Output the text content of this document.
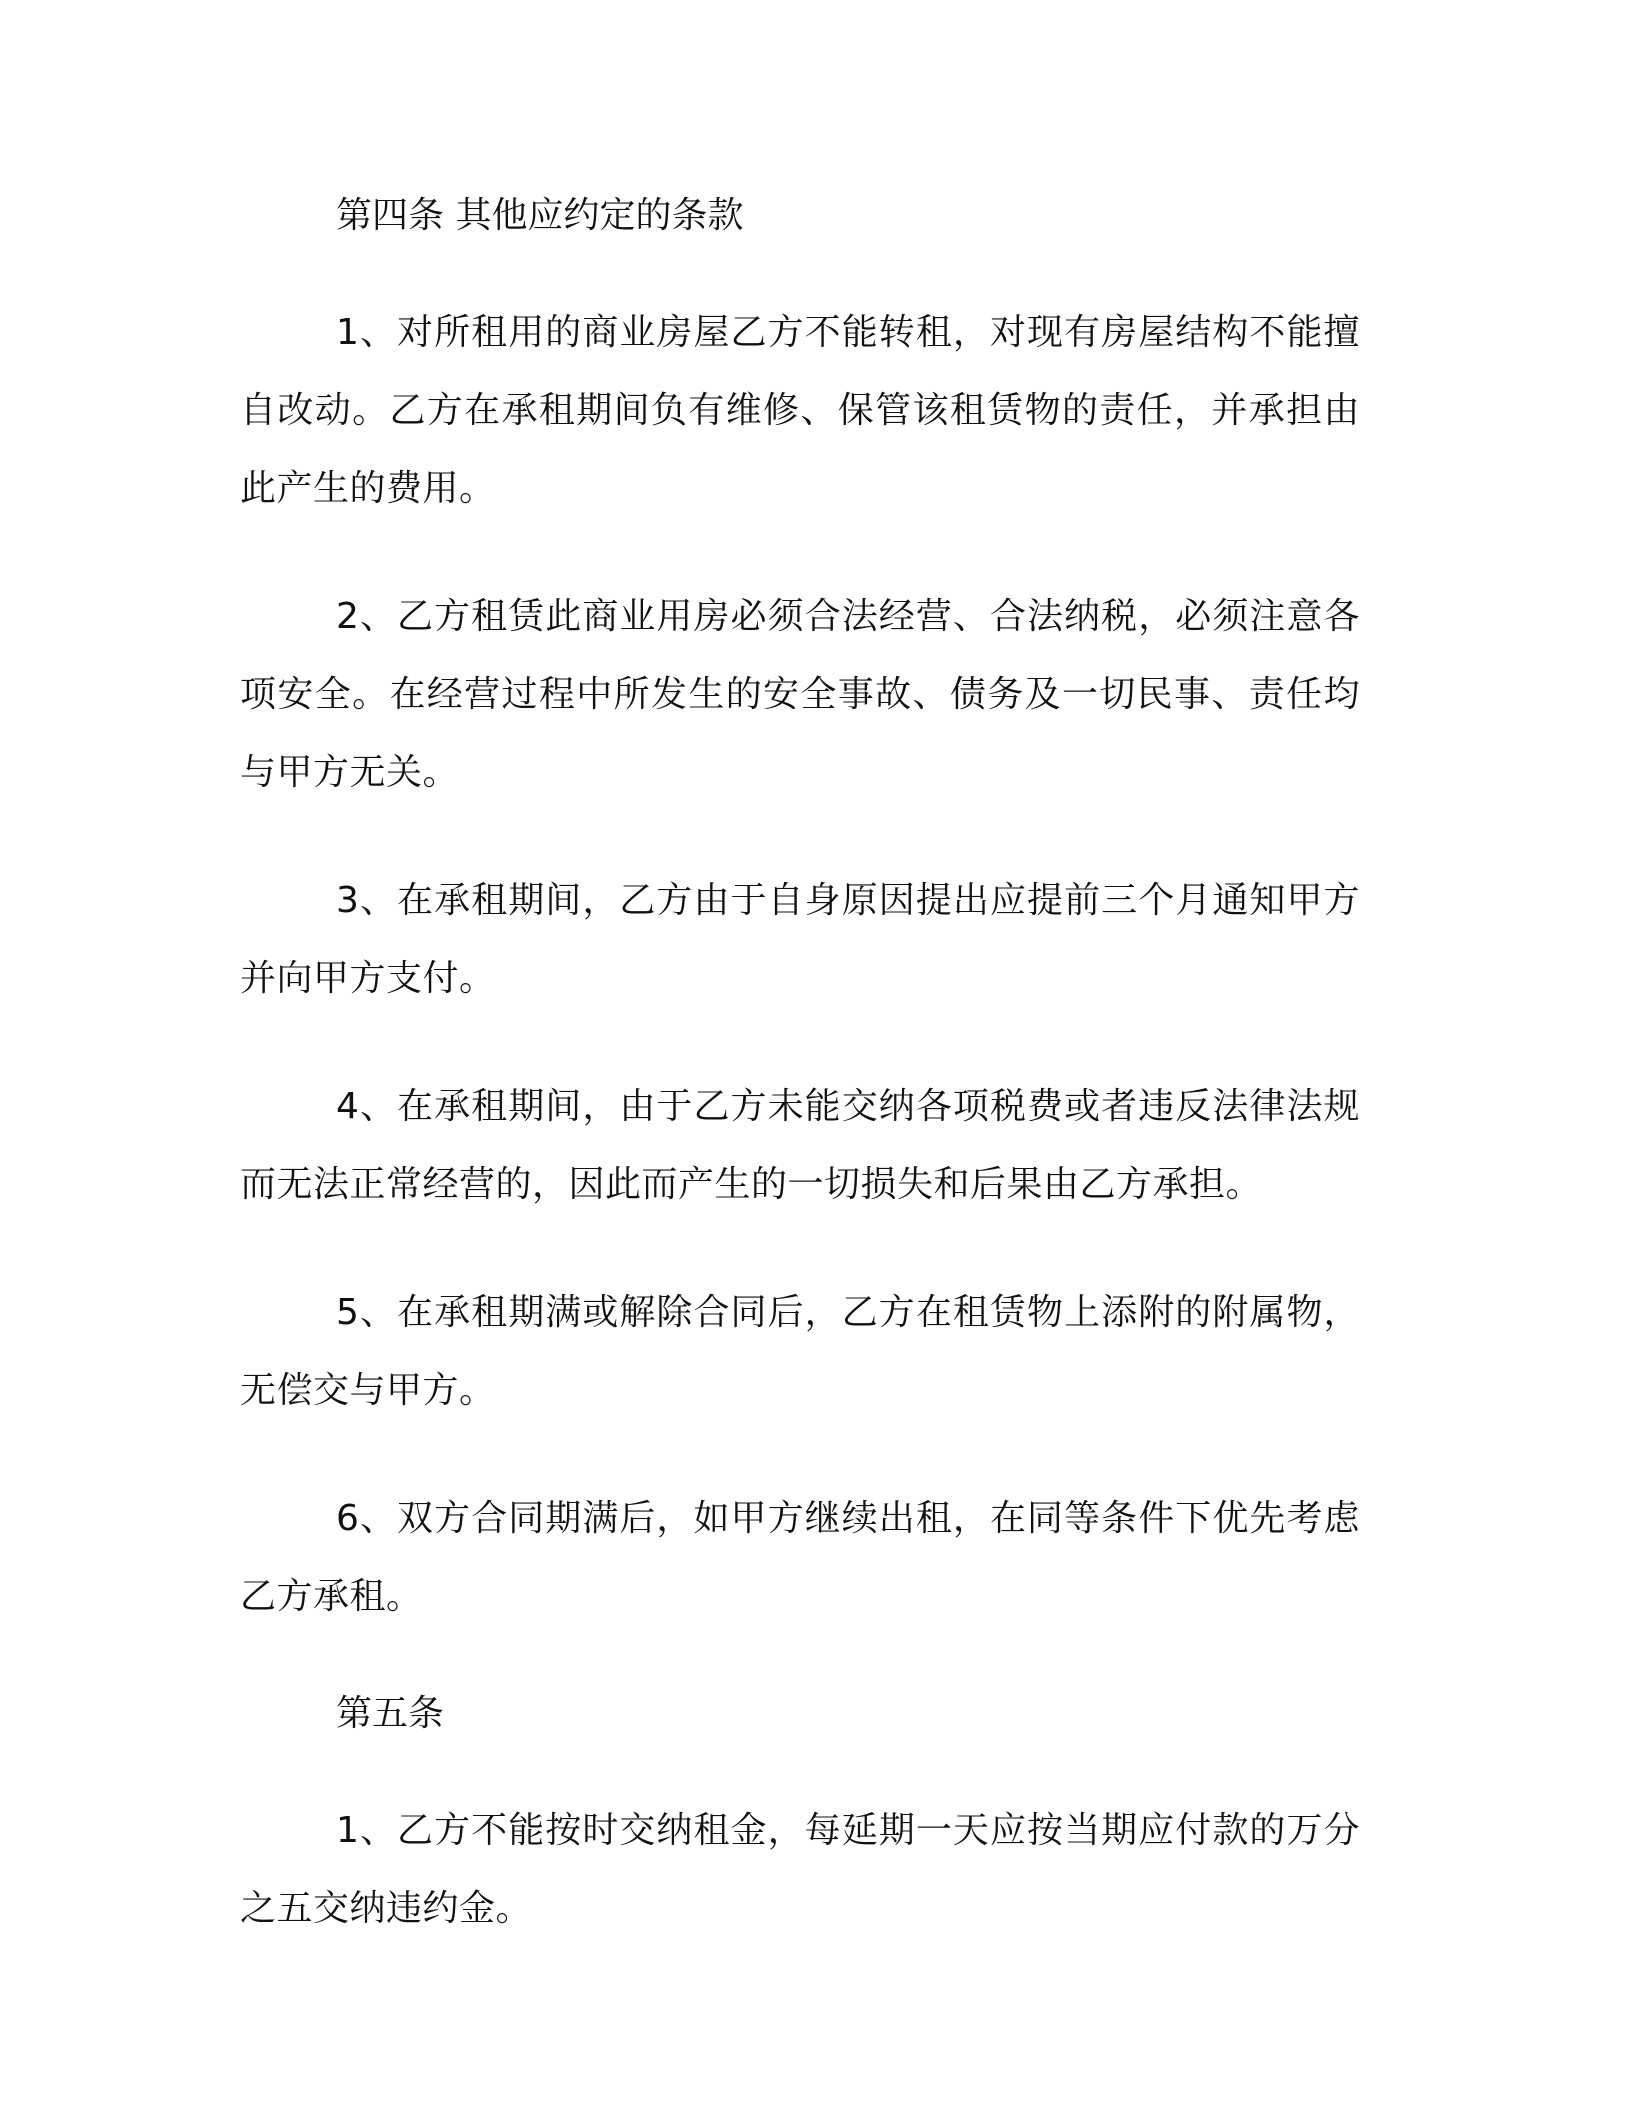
第四条 其他应约定的条款

1、对所租用的商业房屋乙方不能转租，对现有房屋结构不能擅自改动。乙方在承租期间负有维修、保管该租赁物的责任，并承担由此产生的费用。

2、乙方租赁此商业用房必须合法经营、合法纳税，必须注意各项安全。在经营过程中所发生的安全事故、债务及一切民事、责任均与甲方无关。

3、在承租期间，乙方由于自身原因提出应提前三个月通知甲方并向甲方支付。

4、在承租期间，由于乙方未能交纳各项税费或者违反法律法规而无法正常经营的，因此而产生的一切损失和后果由乙方承担。

5、在承租期满或解除合同后，乙方在租赁物上添附的附属物，无偿交与甲方。

6、双方合同期满后，如甲方继续出租，在同等条件下优先考虑乙方承租。

第五条

1、乙方不能按时交纳租金，每延期一天应按当期应付款的万分之五交纳违约金。
